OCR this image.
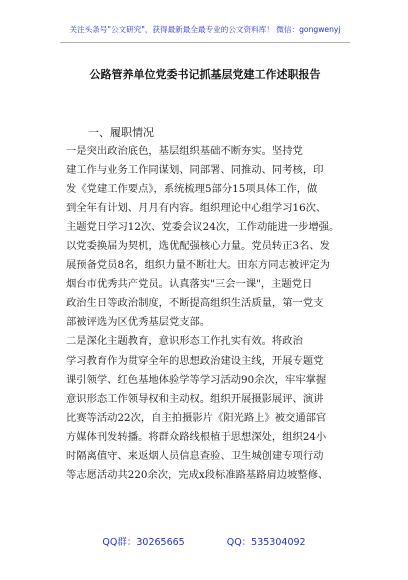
关注头条号"公文研究"，获得最新最全最专业的公文资料库！ 微信：gongwenyj
公路管养单位党委书记抓基层党建工作述职报告
一、履职情况
一是突出政治底色，基层组织基础不断夯实。坚持党
建工作与业务工作同谋划、同部署、同推动、同考核，印
发《党建工作要点》，系统梳理5部分15项具体工作，做
到全年有计划、月月有内容。组织理论中心组学习16次、
主题党日学习12次、党委会议24次，工作动能进一步增强。
以党委换届为契机，选优配强核心力量。党员转正3名、发
展预备党员8名，组织力量不断壮大。田东方同志被评定为
烟台市优秀共产党员。认真落实"三会一课"，主题党日
政治生日等政治制度，不断提高组织生活质量，第一党支
部被评选为区优秀基层党支部。
二是深化主题教育，意识形态工作扎实有效。将政治
学习教育作为贯穿全年的思想政治建设主线，开展专题党
课引领学、红色基地体验学等学习活动90余次，牢牢掌握
意识形态工作领导权和主动权。组织开展摄影展评、演讲
比赛等活动22次，自主拍摄影片《阳光路上》被交通部官
方媒体刊发转播。将群众路线根植于思想深处，组织24小
时隔离值守、来返烟人员信息查验、卫生城创建专项行动
等志愿活动共220余次，完成x段标准路基路肩边坡整修、
QQ群：30265665	QQ：535304092
